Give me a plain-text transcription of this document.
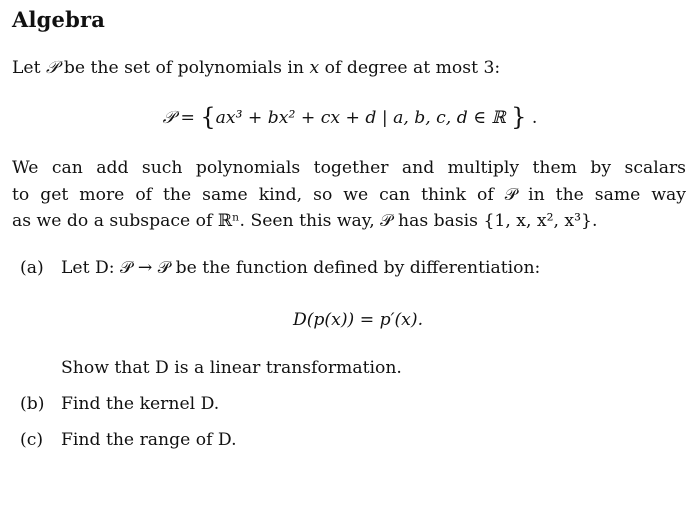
Algebra
Let 𝒫 be the set of polynomials in x of degree at most 3:
𝒫 = {ax³ + bx² + cx + d | a, b, c, d ∈ ℝ } .
We can add such polynomials together and multiply them by scalars
to get more of the same kind, so we can think of 𝒫 in the same way
as we do a subspace of ℝⁿ. Seen this way, 𝒫 has basis {1, x, x², x³}.
(a) Let D: 𝒫 → 𝒫 be the function defined by differentiation:
D(p(x)) = p′(x).
Show that D is a linear transformation.
(b) Find the kernel D.
(c) Find the range of D.
